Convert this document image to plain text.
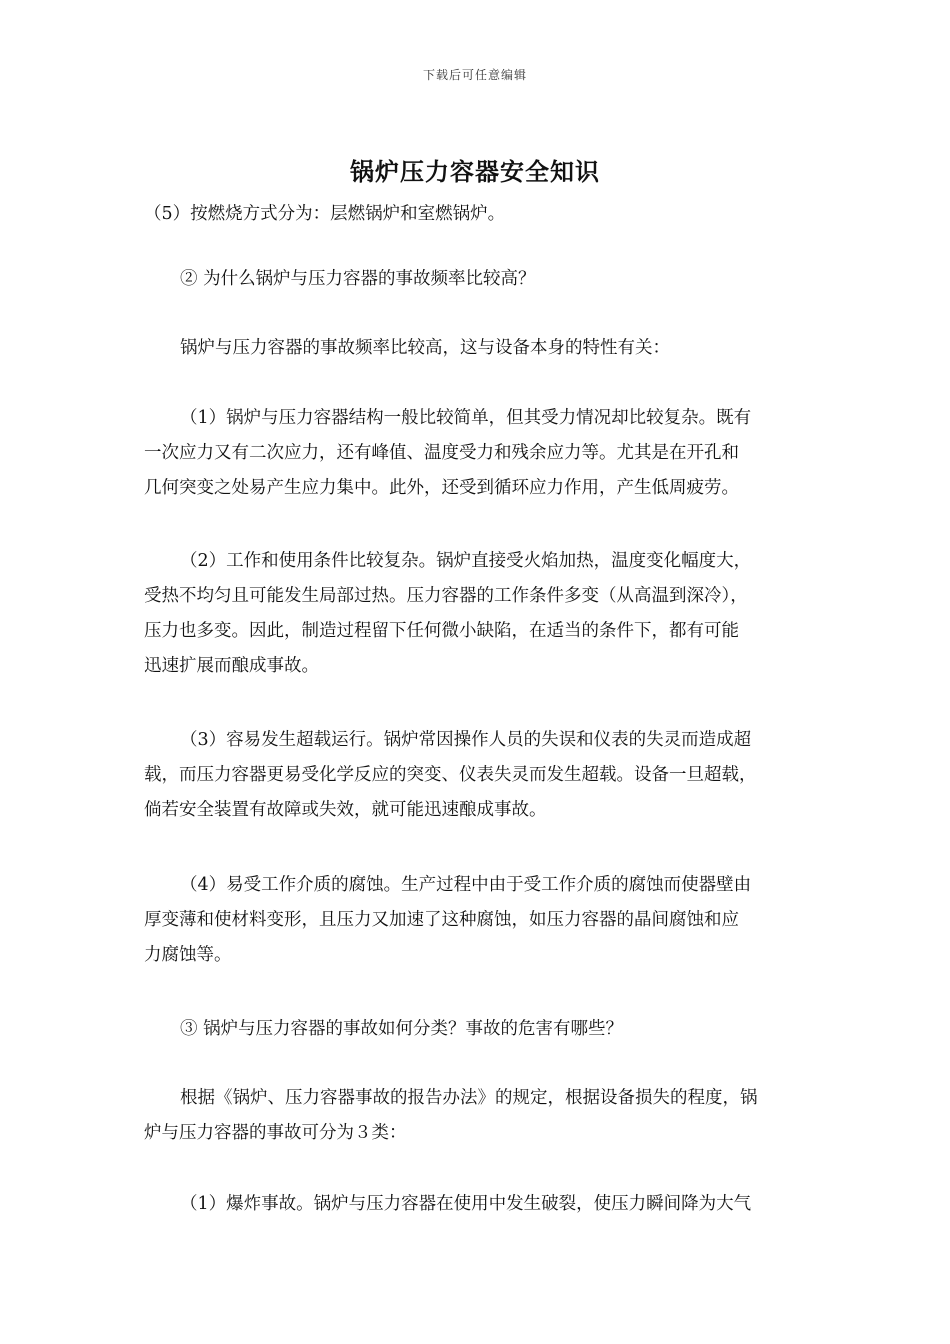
下载后可任意编辑
锅炉压力容器安全知识

（5）按燃烧方式分为：层燃锅炉和室燃锅炉。

② 为什么锅炉与压力容器的事故频率比较高？

锅炉与压力容器的事故频率比较高，这与设备本身的特性有关：

（1）锅炉与压力容器结构一般比较简单，但其受力情况却比较复杂。既有
一次应力又有二次应力，还有峰值、温度受力和残余应力等。尤其是在开孔和
几何突变之处易产生应力集中。此外，还受到循环应力作用，产生低周疲劳。

（2）工作和使用条件比较复杂。锅炉直接受火焰加热，温度变化幅度大，
受热不均匀且可能发生局部过热。压力容器的工作条件多变（从高温到深冷），
压力也多变。因此，制造过程留下任何微小缺陷，在适当的条件下，都有可能
迅速扩展而酿成事故。

（3）容易发生超载运行。锅炉常因操作人员的失误和仪表的失灵而造成超
载，而压力容器更易受化学反应的突变、仪表失灵而发生超载。设备一旦超载，
倘若安全装置有故障或失效，就可能迅速酿成事故。

（4）易受工作介质的腐蚀。生产过程中由于受工作介质的腐蚀而使器壁由
厚变薄和使材料变形，且压力又加速了这种腐蚀，如压力容器的晶间腐蚀和应
力腐蚀等。

③ 锅炉与压力容器的事故如何分类？事故的危害有哪些？

根据《锅炉、压力容器事故的报告办法》的规定，根据设备损失的程度，锅
炉与压力容器的事故可分为３类：

（1）爆炸事故。锅炉与压力容器在使用中发生破裂，使压力瞬间降为大气
